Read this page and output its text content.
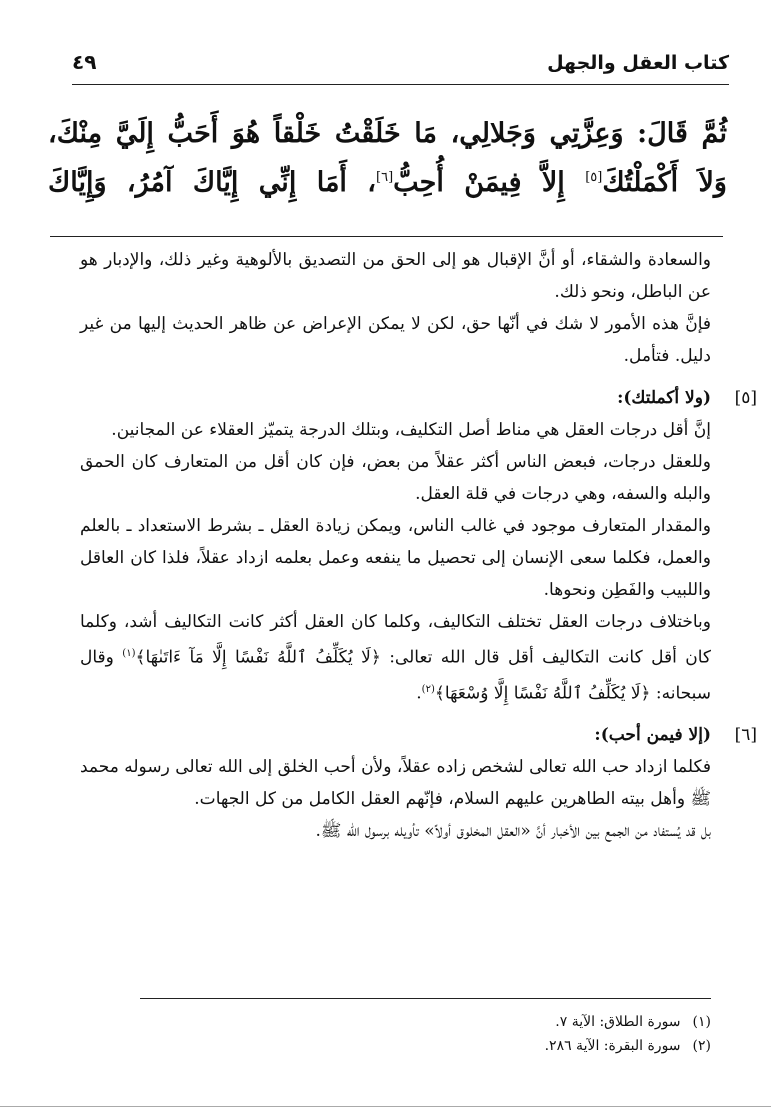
كتاب العقل والجهل
٤٩
ثُمَّ قَالَ: وَعِزَّتِي وَجَلالِي، مَا خَلَقْتُ خَلْقاً هُوَ أَحَبُّ إِلَيَّ مِنْكَ،
وَلاَ أَكْمَلْتُكَ[٥] إِلاَّ فِيمَنْ أُحِبُّ[٦]، أَمَا إِنِّي إِيَّاكَ آمُرُ، وَإِيَّاكَ

والسعادة والشقاء، أو أنَّ الإقبال هو إلى الحق من التصديق بالألوهية وغير ذلك، والإدبار هو عن الباطل، ونحو ذلك.

فإنَّ هذه الأمور لا شك في أنّها حق، لكن لا يمكن الإعراض عن ظاهر الحديث إليها من غير دليل. فتأمل.

[٥]
(ولا أكملتك):

إنَّ أقل درجات العقل هي مناط أصل التكليف، وبتلك الدرجة يتميّز العقلاء عن المجانين.

وللعقل درجات، فبعض الناس أكثر عقلاً من بعض، فإن كان أقل من المتعارف كان الحمق والبله والسفه، وهي درجات في قلة العقل.

والمقدار المتعارف موجود في غالب الناس، ويمكن زيادة العقل ـ بشرط الاستعداد ـ بالعلم والعمل، فكلما سعى الإنسان إلى تحصيل ما ينفعه وعمل بعلمه ازداد عقلاً، فلذا كان العاقل واللبيب والفَطِن ونحوها.

وباختلاف درجات العقل تختلف التكاليف، وكلما كان العقل أكثر كانت التكاليف أشد، وكلما كان أقل كانت التكاليف أقل قال الله تعالى: ﴿لَا يُكَلِّفُ ٱللَّهُ نَفْسًا إِلَّا مَآ ءَاتَىٰهَا﴾$^{(١)}$ وقال سبحانه: ﴿لَا يُكَلِّفُ ٱللَّهُ نَفْسًا إِلَّا وُسْعَهَا﴾$^{(٢)}$.

[٦]
(إلا فيمن أحب):

فكلما ازداد حب الله تعالى لشخص زاده عقلاً، ولأن أحب الخلق إلى الله تعالى رسوله محمد ﷺ وأهل بيته الطاهرين عليهم السلام، فإنّهم العقل الكامل من كل الجهات.

بل قد يُستفاد من الجمع بين الأخبار أنَّ «العقل المخلوق أولاً» تأويله برسول الله ﷺ.

(١) سورة الطلاق: الآية ٧.
(٢) سورة البقرة: الآية ٢٨٦.
